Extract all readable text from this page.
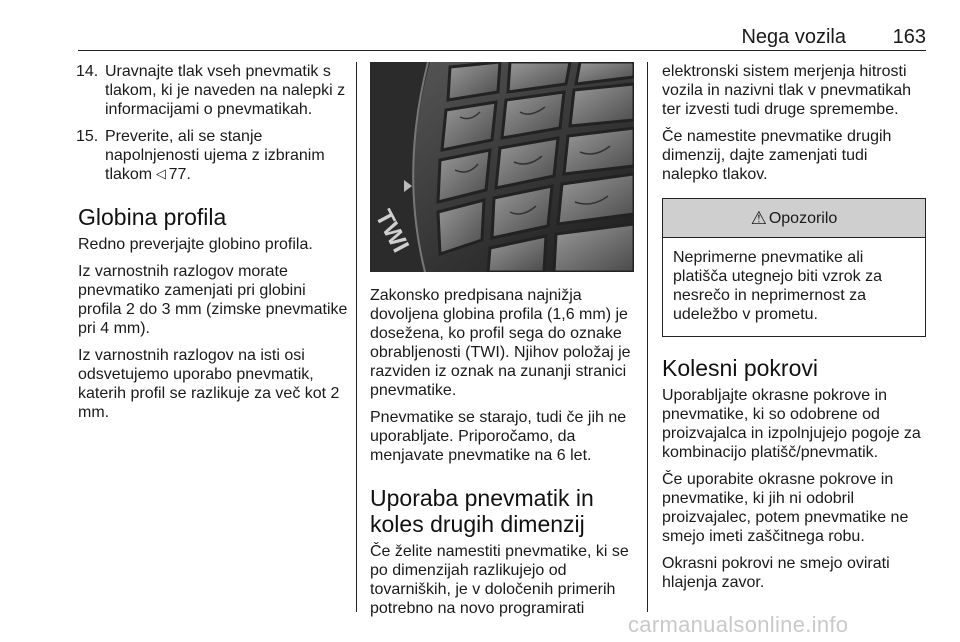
Nega vozila 163
14. Uravnajte tlak vseh pnevmatik s tlakom, ki je naveden na nalepki z informacijami o pnevmatikah.
15. Preverite, ali se stanje napolnjenosti ujema z izbranim tlakom ▽77.
Globina profila

Redno preverjajte globino profila.

Iz varnostnih razlogov morate pnevmatiko zamenjati pri globini profila 2 do 3 mm (zimske pnevmatike pri 4 mm).

Iz varnostnih razlogov na isti osi odsvetujemo uporabo pnevmatik, katerih profil se razlikuje za več kot 2 mm.

TWI

Zakonsko predpisana najnižja dovoljena globina profila (1,6 mm) je dosežena, ko profil sega do oznake obrabljenosti (TWI). Njihov položaj je razviden iz oznak na zunanji stranici pnevmatike.

Pnevmatike se starajo, tudi če jih ne uporabljate. Priporočamo, da menjavate pnevmatike na 6 let.

Uporaba pnevmatik in koles drugih dimenzij

Če želite namestiti pnevmatike, ki se po dimenzijah razlikujejo od tovarniških, je v določenih primerih potrebno na novo programirati

elektronski sistem merjenja hitrosti vozila in nazivni tlak v pnevmatikah ter izvesti tudi druge spremembe.

Če namestite pnevmatike drugih dimenzij, dajte zamenjati tudi nalepko tlakov.

⚠ Opozorilo

Neprimerne pnevmatike ali platišča utegnejo biti vzrok za nesrečo in neprimernost za udeležbo v prometu.

Kolesni pokrovi

Uporabljajte okrasne pokrove in pnevmatike, ki so odobrene od proizvajalca in izpolnjujejo pogoje za kombinacijo platišč/pnevmatik.

Če uporabite okrasne pokrove in pnevmatike, ki jih ni odobril proizvajalec, potem pnevmatike ne smejo imeti zaščitnega robu.

Okrasni pokrovi ne smejo ovirati hlajenja zavor.

carmanualsonline.info
